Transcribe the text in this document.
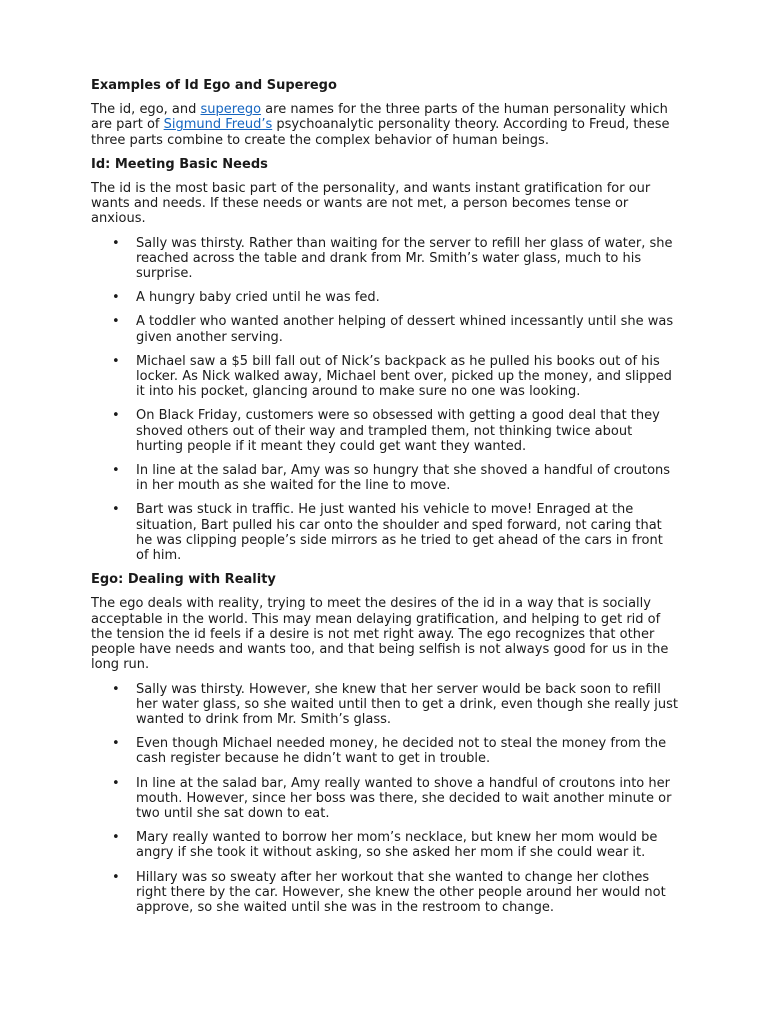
Examples of Id Ego and Superego

The id, ego, and superego are names for the three parts of the human personality which are part of Sigmund Freud’s psychoanalytic personality theory. According to Freud, these three parts combine to create the complex behavior of human beings.

Id: Meeting Basic Needs

The id is the most basic part of the personality, and wants instant gratification for our wants and needs. If these needs or wants are not met, a person becomes tense or anxious.

• Sally was thirsty. Rather than waiting for the server to refill her glass of water, she reached across the table and drank from Mr. Smith’s water glass, much to his surprise.
• A hungry baby cried until he was fed.
• A toddler who wanted another helping of dessert whined incessantly until she was given another serving.
• Michael saw a $5 bill fall out of Nick’s backpack as he pulled his books out of his locker. As Nick walked away, Michael bent over, picked up the money, and slipped it into his pocket, glancing around to make sure no one was looking.
• On Black Friday, customers were so obsessed with getting a good deal that they shoved others out of their way and trampled them, not thinking twice about hurting people if it meant they could get want they wanted.
• In line at the salad bar, Amy was so hungry that she shoved a handful of croutons in her mouth as she waited for the line to move.
• Bart was stuck in traffic. He just wanted his vehicle to move! Enraged at the situation, Bart pulled his car onto the shoulder and sped forward, not caring that he was clipping people’s side mirrors as he tried to get ahead of the cars in front of him.
Ego: Dealing with Reality

The ego deals with reality, trying to meet the desires of the id in a way that is socially acceptable in the world. This may mean delaying gratification, and helping to get rid of the tension the id feels if a desire is not met right away. The ego recognizes that other people have needs and wants too, and that being selfish is not always good for us in the long run.

• Sally was thirsty. However, she knew that her server would be back soon to refill her water glass, so she waited until then to get a drink, even though she really just wanted to drink from Mr. Smith’s glass.
• Even though Michael needed money, he decided not to steal the money from the cash register because he didn’t want to get in trouble.
• In line at the salad bar, Amy really wanted to shove a handful of croutons into her mouth. However, since her boss was there, she decided to wait another minute or two until she sat down to eat.
• Mary really wanted to borrow her mom’s necklace, but knew her mom would be angry if she took it without asking, so she asked her mom if she could wear it.
• Hillary was so sweaty after her workout that she wanted to change her clothes right there by the car. However, she knew the other people around her would not approve, so she waited until she was in the restroom to change.
